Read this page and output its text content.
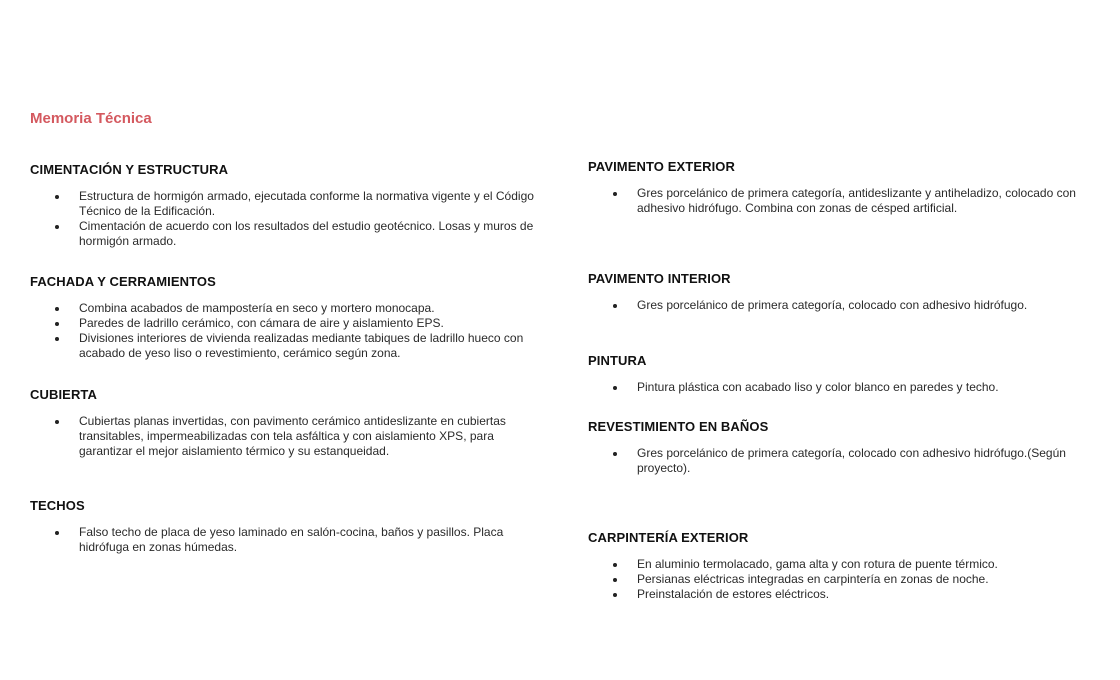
Memoria Técnica
CIMENTACIÓN Y ESTRUCTURA
Estructura de hormigón armado, ejecutada conforme la normativa vigente y el Código Técnico de la Edificación.
Cimentación de acuerdo con los resultados del estudio geotécnico. Losas y muros de hormigón armado.
FACHADA Y CERRAMIENTOS
Combina acabados de mampostería en seco y mortero monocapa.
Paredes de ladrillo cerámico, con cámara de aire y aislamiento EPS.
Divisiones interiores de vivienda realizadas mediante tabiques de ladrillo hueco con acabado de yeso liso o revestimiento, cerámico según zona.
CUBIERTA
Cubiertas planas invertidas, con pavimento cerámico antideslizante en cubiertas transitables, impermeabilizadas con tela asfáltica y con aislamiento XPS, para garantizar el mejor aislamiento térmico y su estanqueidad.
TECHOS
Falso techo de placa de yeso laminado en salón-cocina, baños y pasillos. Placa hidrófuga en zonas húmedas.
PAVIMENTO EXTERIOR
Gres porcelánico de primera categoría, antideslizante y antiheladizo, colocado con adhesivo hidrófugo. Combina con zonas de césped artificial.
PAVIMENTO INTERIOR
Gres porcelánico de primera categoría, colocado con adhesivo hidrófugo.
PINTURA
Pintura plástica con acabado liso y color blanco en paredes y techo.
REVESTIMIENTO EN BAÑOS
Gres porcelánico de primera categoría, colocado con adhesivo hidrófugo.(Según proyecto).
CARPINTERÍA EXTERIOR
En aluminio termolacado, gama alta y con rotura de puente térmico.
Persianas eléctricas integradas en carpintería en zonas de noche.
Preinstalación de estores eléctricos.
